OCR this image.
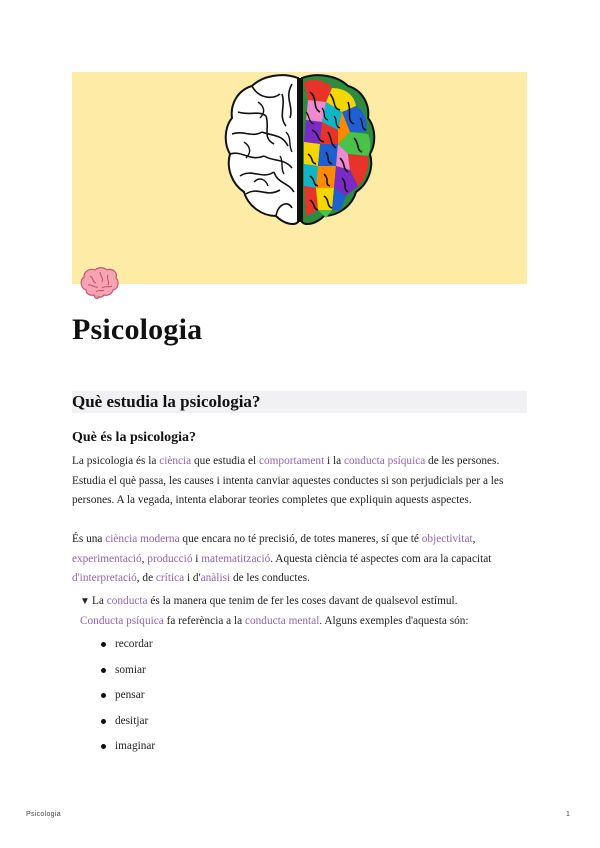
Psicologia
Què estudia la psicologia?
Què és la psicologia?

La psicologia és la ciència que estudia el comportament i la conducta psíquica de les persones. Estudia el què passa, les causes i intenta canviar aquestes conductes si son perjudicials per a les persones. A la vegada, intenta elaborar teories completes que expliquin aquests aspectes.

És una ciència moderna que encara no té precisió, de totes maneres, sí que té objectivitat, experimentació, producció i matematització. Aquesta ciència té aspectes com ara la capacitat d'interpretació, de crítica i d'anàlisi de les conductes.

▼ La conducta és la manera que tenim de fer les coses davant de qualsevol estímul.
Conducta psíquica fa referència a la conducta mental. Alguns exemples d'aquesta són:
recordar
somiar
pensar
desitjar
imaginar
Psicologia	1
